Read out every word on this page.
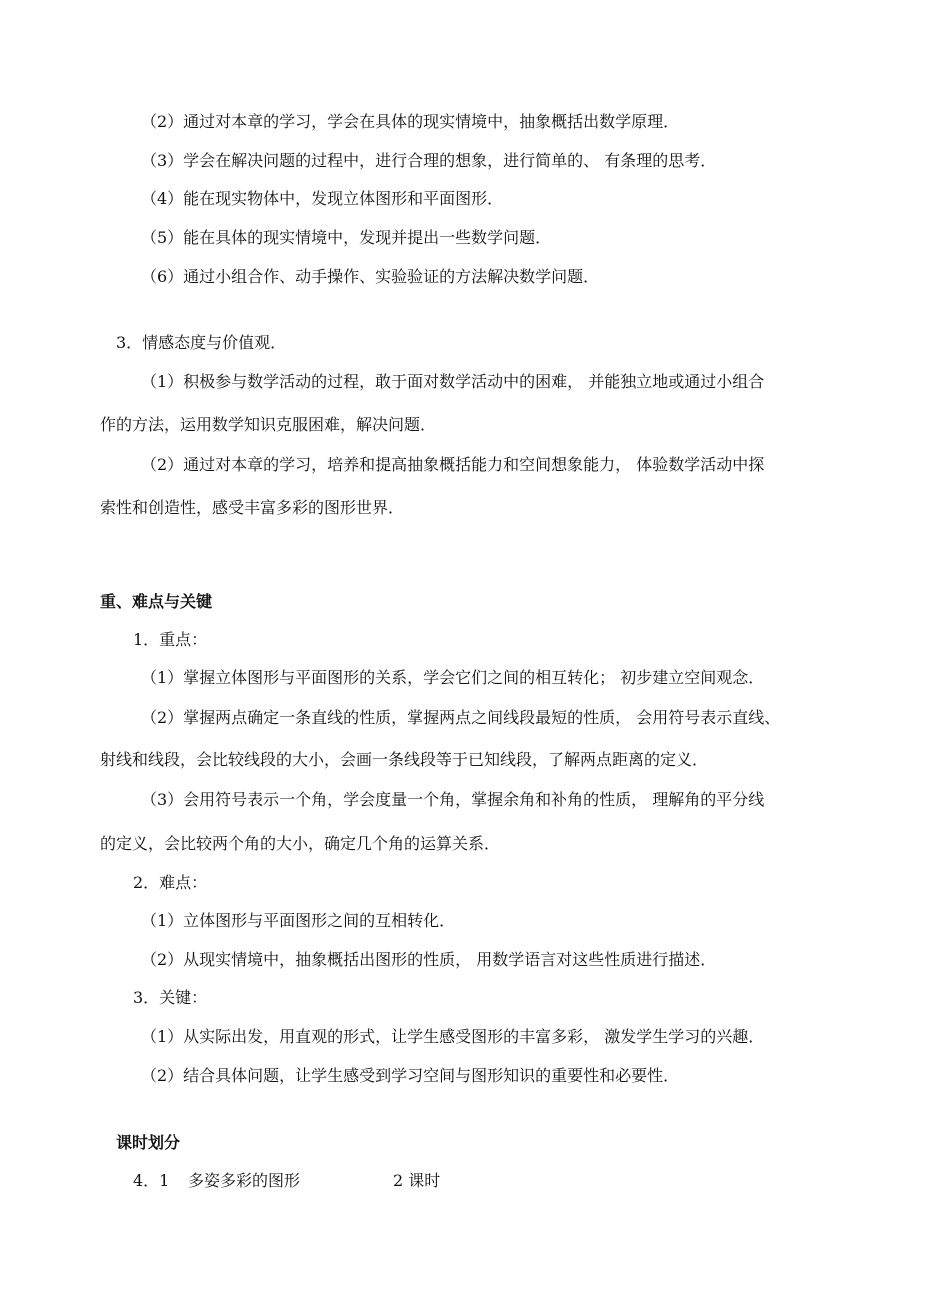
（2）通过对本章的学习，学会在具体的现实情境中，抽象概括出数学原理．
（3）学会在解决问题的过程中，进行合理的想象，进行简单的、 有条理的思考．
（4）能在现实物体中，发现立体图形和平面图形．
（5）能在具体的现实情境中，发现并提出一些数学问题．
（6）通过小组合作、动手操作、实验验证的方法解决数学问题．
3．情感态度与价值观．
（1）积极参与数学活动的过程，敢于面对数学活动中的困难， 并能独立地或通过小组合
作的方法，运用数学知识克服困难，解决问题．
（2）通过对本章的学习，培养和提高抽象概括能力和空间想象能力， 体验数学活动中探
索性和创造性，感受丰富多彩的图形世界．
重、难点与关键
1．重点：
（1）掌握立体图形与平面图形的关系，学会它们之间的相互转化； 初步建立空间观念．
（2）掌握两点确定一条直线的性质，掌握两点之间线段最短的性质， 会用符号表示直线、
射线和线段，会比较线段的大小，会画一条线段等于已知线段，了解两点距离的定义．
（3）会用符号表示一个角，学会度量一个角，掌握余角和补角的性质， 理解角的平分线
的定义，会比较两个角的大小，确定几个角的运算关系．
2．难点：
（1）立体图形与平面图形之间的互相转化．
（2）从现实情境中，抽象概括出图形的性质， 用数学语言对这些性质进行描述．
3．关键：
（1）从实际出发，用直观的形式，让学生感受图形的丰富多彩， 激发学生学习的兴趣．
（2）结合具体问题，让学生感受到学习空间与图形知识的重要性和必要性．
课时划分
4．1 多姿多彩的图形	2 课时
